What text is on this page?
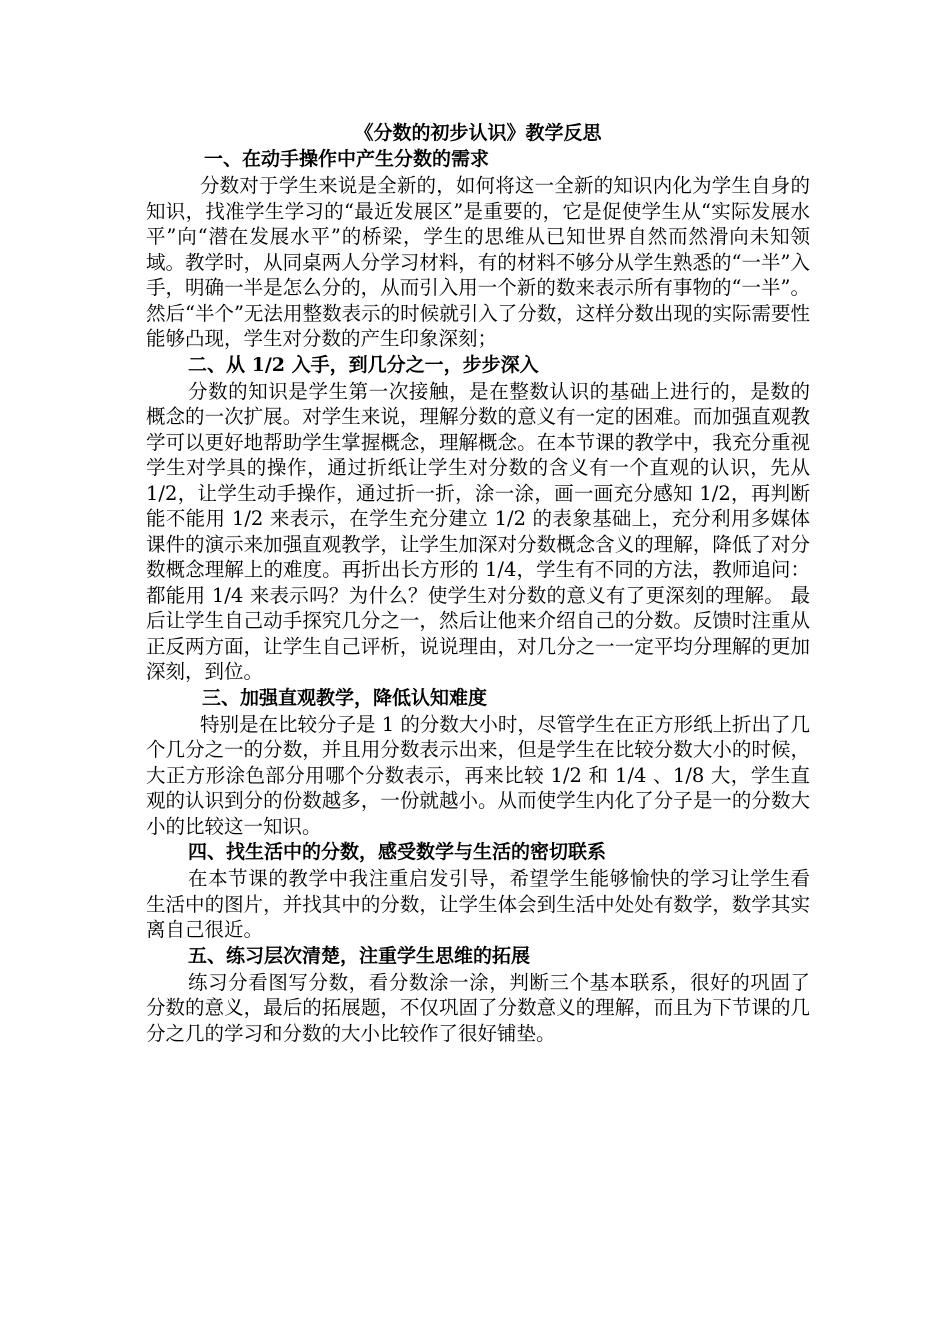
《分数的初步认识》教学反思

一、在动手操作中产生分数的需求

分数对于学生来说是全新的，如何将这一全新的知识内化为学生自身的知识，找准学生学习的“最近发展区”是重要的，它是促使学生从“实际发展水平”向“潜在发展水平”的桥梁，学生的思维从已知世界自然而然滑向未知领域。教学时，从同桌两人分学习材料，有的材料不够分从学生熟悉的“一半”入手，明确一半是怎么分的，从而引入用一个新的数来表示所有事物的“一半”。然后“半个”无法用整数表示的时候就引入了分数，这样分数出现的实际需要性能够凸现，学生对分数的产生印象深刻；

二、从 1/2 入手，到几分之一，步步深入

分数的知识是学生第一次接触，是在整数认识的基础上进行的，是数的概念的一次扩展。对学生来说，理解分数的意义有一定的困难。而加强直观教学可以更好地帮助学生掌握概念，理解概念。在本节课的教学中，我充分重视学生对学具的操作，通过折纸让学生对分数的含义有一个直观的认识，先从 1/2，让学生动手操作，通过折一折，涂一涂，画一画充分感知 1/2，再判断能不能用 1/2 来表示，在学生充分建立 1/2 的表象基础上，充分利用多媒体课件的演示来加强直观教学，让学生加深对分数概念含义的理解，降低了对分数概念理解上的难度。再折出长方形的 1/4，学生有不同的方法，教师追问：都能用 1/4 来表示吗？为什么？使学生对分数的意义有了更深刻的理解。 最后让学生自己动手探究几分之一，然后让他来介绍自己的分数。反馈时注重从正反两方面，让学生自己评析，说说理由，对几分之一一定平均分理解的更加深刻，到位。

三、加强直观教学，降低认知难度

特别是在比较分子是 1 的分数大小时，尽管学生在正方形纸上折出了几个几分之一的分数，并且用分数表示出来，但是学生在比较分数大小的时候，大正方形涂色部分用哪个分数表示，再来比较 1/2 和 1/4 、1/8 大，学生直观的认识到分的份数越多，一份就越小。从而使学生内化了分子是一的分数大小的比较这一知识。

四、找生活中的分数，感受数学与生活的密切联系

在本节课的教学中我注重启发引导，希望学生能够愉快的学习让学生看生活中的图片，并找其中的分数，让学生体会到生活中处处有数学，数学其实离自己很近。

五、练习层次清楚，注重学生思维的拓展

练习分看图写分数，看分数涂一涂，判断三个基本联系，很好的巩固了分数的意义，最后的拓展题，不仅巩固了分数意义的理解，而且为下节课的几分之几的学习和分数的大小比较作了很好铺垫。
